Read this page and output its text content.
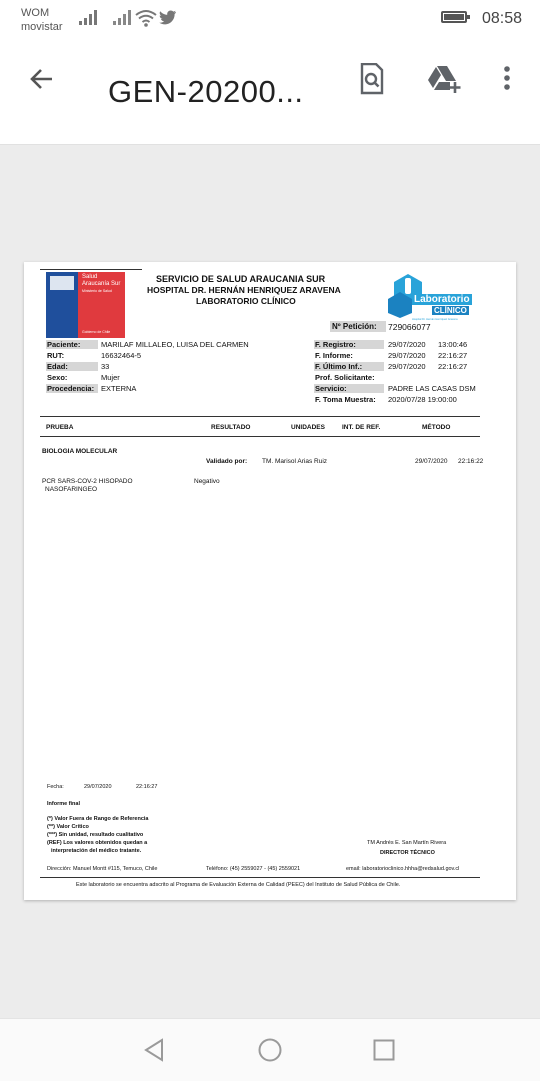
WOM
movistar	08:58
GEN-20200...
Salud
Araucanía Sur
Ministerio de Salud
Gobierno de Chile
SERVICIO DE SALUD ARAUCANIA SUR
HOSPITAL DR. HERNÁN HENRIQUEZ ARAVENA
LABORATORIO CLÍNICO	Laboratorio
CLÍNICO
Hospital Dr. Hernán Henríquez Aravena
Nº Petición:	729066077
Paciente:	MARILAF MILLALEO, LUISA DEL CARMEN
RUT:	16632464-5
Edad:	33
Sexo:	Mujer
Procedencia: EXTERNA
F. Registro:	29/07/2020 13:00:46
F. Informe:	29/07/2020 22:16:27
F. Último Inf.:	29/07/2020 22:16:27
Prof. Solicitante:
Servicio:	PADRE LAS CASAS DSM
F. Toma Muestra:	2020/07/28 19:00:00
PRUEBA	RESULTADO	UNIDADES	INT. DE REF.	MÉTODO
BIOLOGIA MOLECULAR
Validado por: TM. Marisol Arias Ruiz	29/07/2020 22:16:22
PCR SARS-COV-2 HISOPADO
NASOFARINGEO
Negativo
Fecha:	29/07/2020	22:16:27
Informe final
(*) Valor Fuera de Rango de Referencia
(**) Valor Crítico
(***) Sin unidad, resultado cualitativo
(REF) Los valores obtenidos quedan a
interpretación del médico tratante.
TM Andrés E. San Martín Rivera
DIRECTOR TÉCNICO
Dirección: Manuel Montt #115, Temuco, Chile	Teléfono: (45) 2559027 - (45) 2559021	email: laboratorioclinico.hhha@redsalud.gov.cl
Este laboratorio se encuentra adscrito al Programa de Evaluación Externa de Calidad (PEEC) del Instituto de Salud Pública de Chile.
